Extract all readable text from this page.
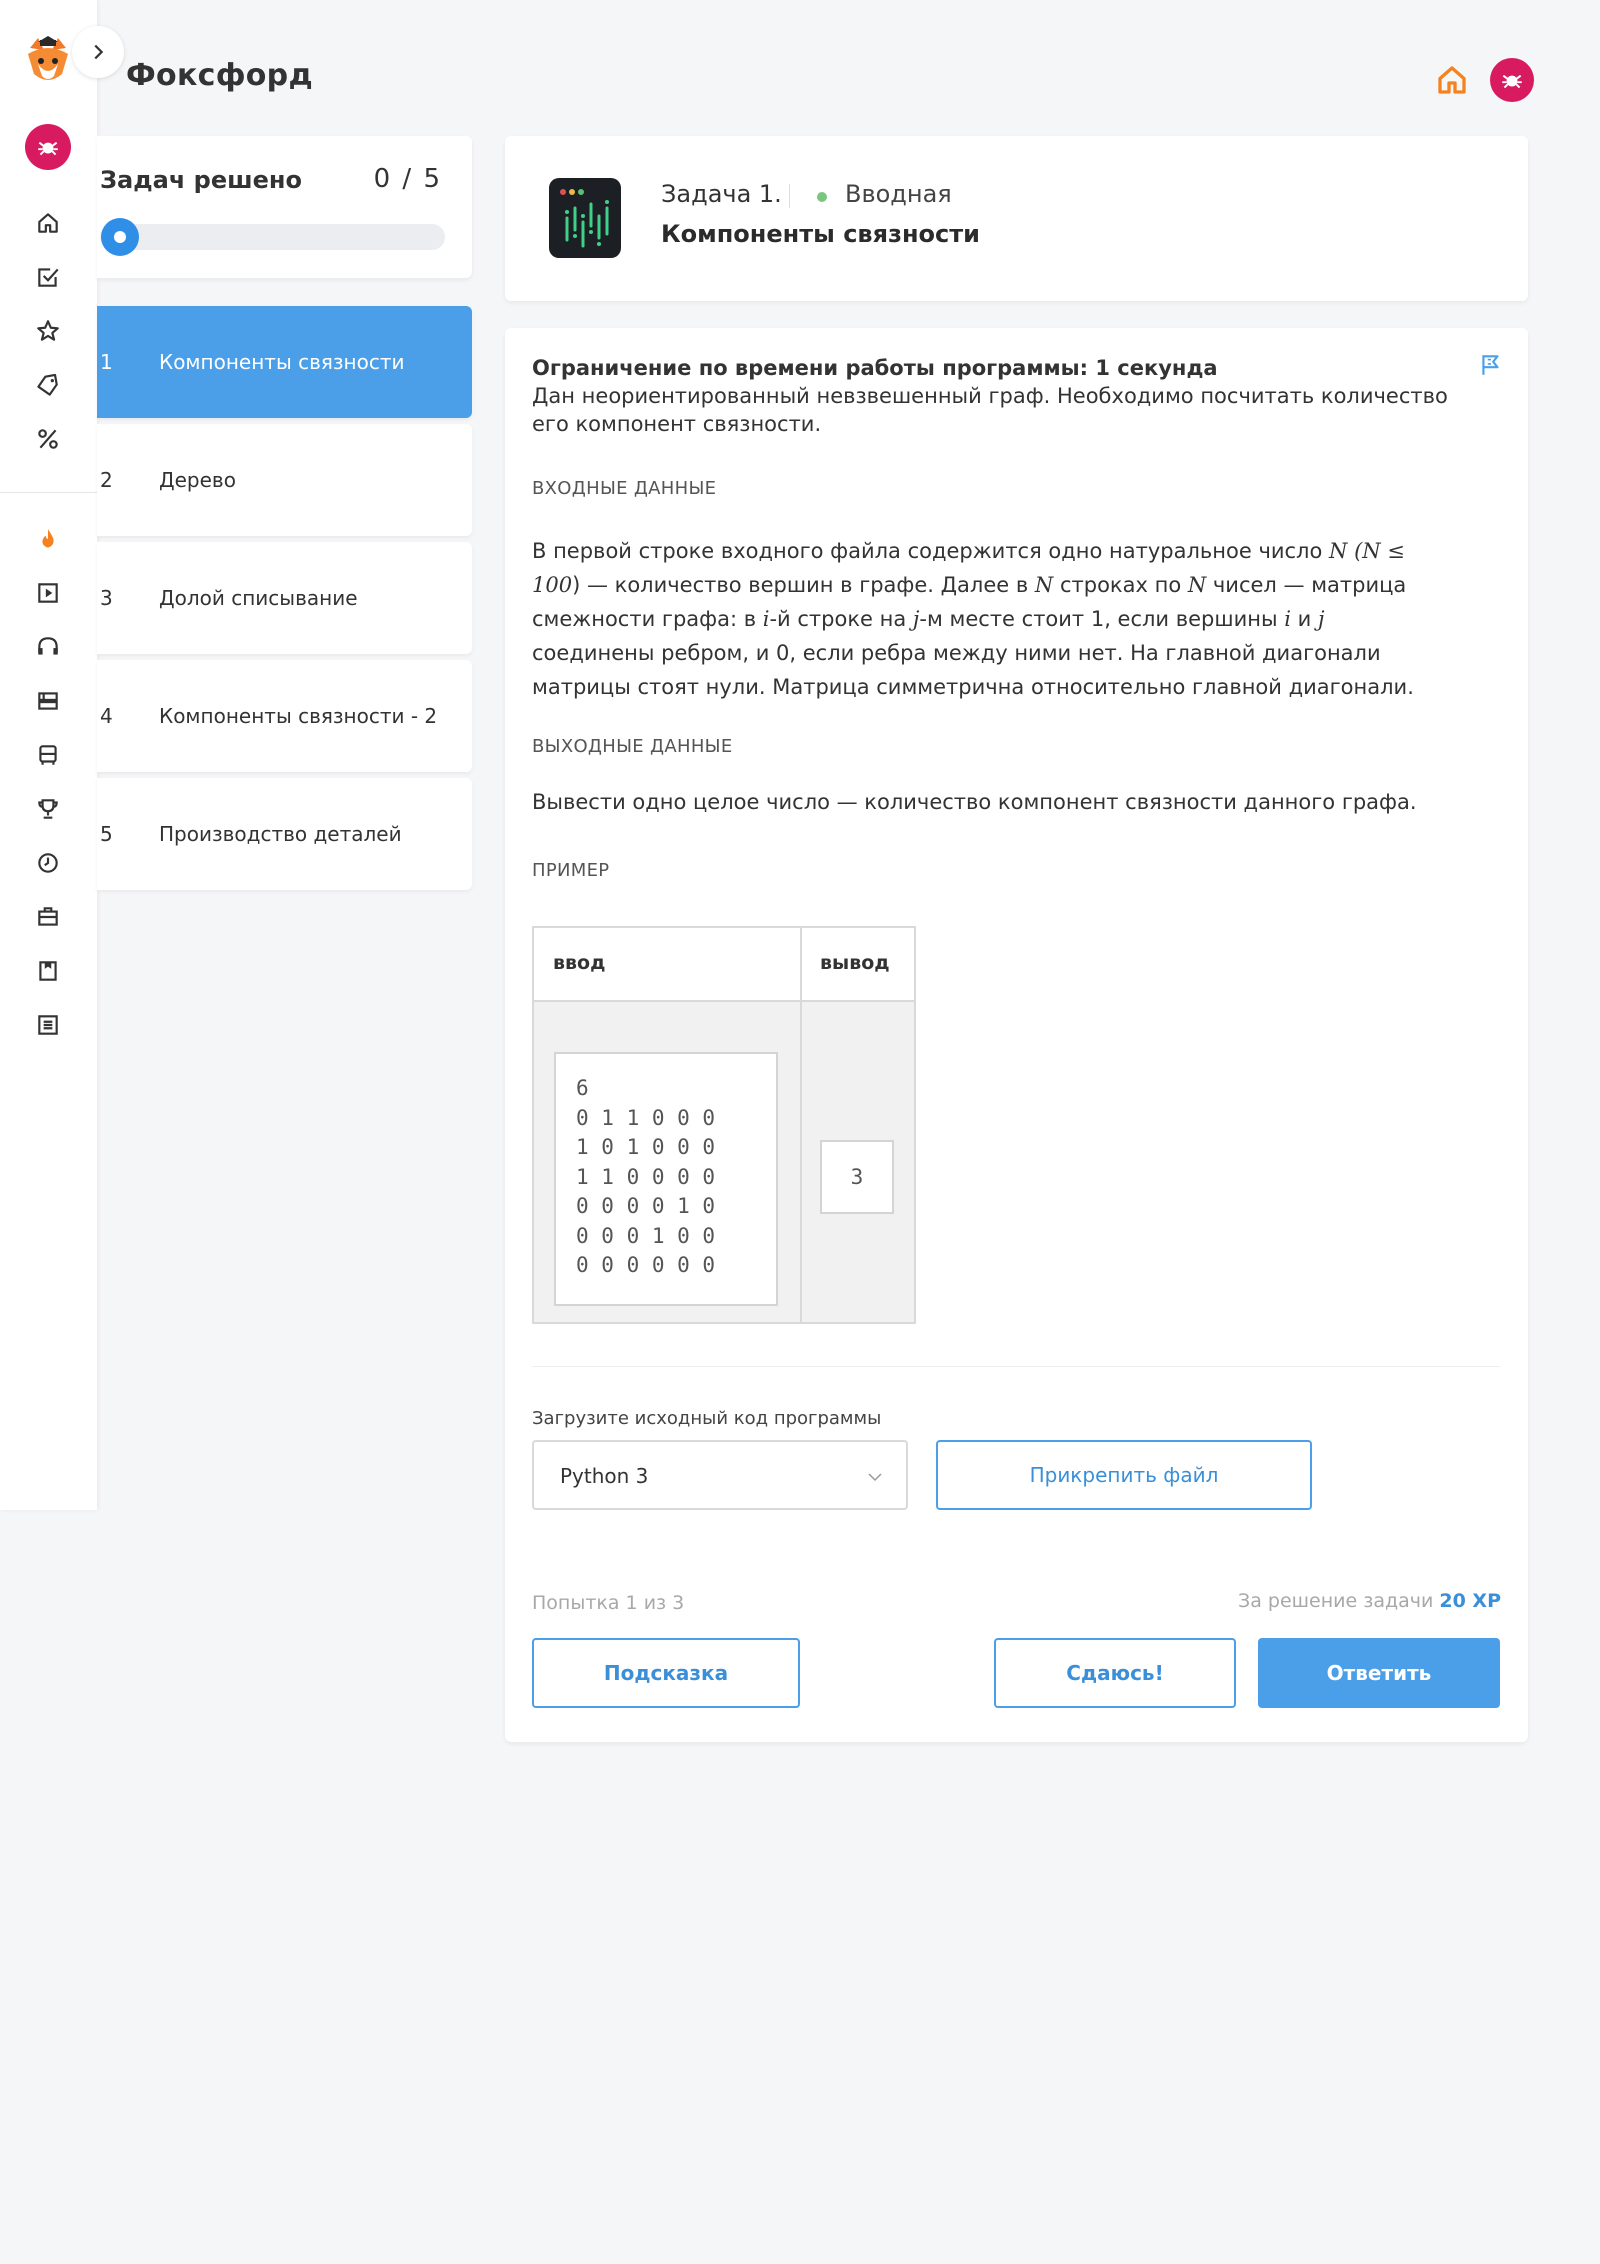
Фоксфорд
Задач решено	0 / 5
1 Компоненты связности
2 Дерево
3 Долой списывание
4 Компоненты связности - 2
5 Производство деталей
Задача 1.	Вводная
Компоненты связности
Ограничение по времени работы программы: 1 секунда
Дан неориентированный невзвешенный граф. Необходимо посчитать количество его компонент связности.
ВХОДНЫЕ ДАННЫЕ
В первой строке входного файла содержится одно натуральное число N (N ≤ 100) — количество вершин в графе. Далее в N строках по N чисел — матрица смежности графа: в i-й строке на j-м месте стоит 1, если вершины i и j соединены ребром, и 0, если ребра между ними нет. На главной диагонали матрицы стоят нули. Матрица симметрична относительно главной диагонали.
ВЫХОДНЫЕ ДАННЫЕ
Вывести одно целое число — количество компонент связности данного графа.
ПРИМЕР
ввод	вывод
6
0 1 1 0 0 0
1 0 1 0 0 0
1 1 0 0 0 0
0 0 0 0 1 0
0 0 0 1 0 0
0 0 0 0 0 0
3
Загрузите исходный код программы
Python 3	Прикрепить файл
Попытка 1 из 3	За решение задачи 20 XP
Подсказка	Сдаюсь!	Ответить
